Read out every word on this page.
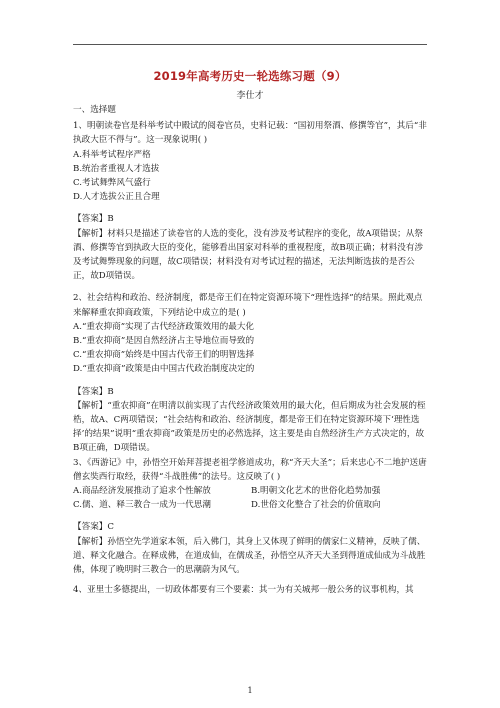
2019年高考历史一轮选练习题（9）
李仕才

一、选择题

1、明朝读卷官是科举考试中殿试的阅卷官员，史料记载：“国初用祭酒、修撰等官”，其后“非执政大臣不得与”。这一现象说明( )

A.科举考试程序严格

B.统治者重视人才选拔

C.考试舞弊风气盛行

D.人才选拔公正且合理

【答案】B

【解析】材料只是描述了读卷官的人选的变化，没有涉及考试程序的变化，故A项错误；从祭酒、修撰等官到执政大臣的变化，能够看出国家对科举的重视程度，故B项正确；材料没有涉及考试舞弊现象的问题，故C项错误；材料没有对考试过程的描述，无法判断选拔的是否公正，故D项错误。

2、社会结构和政治、经济制度，都是帝王们在特定资源环境下“理性选择”的结果。照此观点来解释重农抑商政策，下列结论中成立的是( )

A.“重农抑商”实现了古代经济政策效用的最大化

B.“重农抑商”是因自然经济占主导地位而导致的

C.“重农抑商”始终是中国古代帝王们的明智选择

D.“重农抑商”政策是由中国古代政治制度决定的

【答案】B

【解析】“重农抑商”在明清以前实现了古代经济政策效用的最大化，但后期成为社会发展的桎梏，故A、C两项错误；“社会结构和政治、经济制度，都是帝王们在特定资源环境下‘理性选择’的结果”说明“重农抑商”政策是历史的必然选择，这主要是由自然经济生产方式决定的，故B项正确，D项错误。

3、《西游记》中，孙悟空开始拜菩提老祖学修道成功，称“齐天大圣”；后来忠心不二地护送唐僧玄奘西行取经，获得“斗战胜佛”的法号。这反映了( )

A.商品经济发展推动了追求个性解放	B.明朝文化艺术的世俗化趋势加强
C.儒、道、释三教合一成为一代思潮	D.世俗文化整合了社会的价值取向

【答案】C

【解析】孙悟空先学道家本领，后入佛门，其身上又体现了鲜明的儒家仁义精神，反映了儒、道、释文化融合。在释成佛，在道成仙，在儒成圣，孙悟空从齐天大圣到得道成仙成为斗战胜佛，体现了晚明时三教合一的思潮蔚为风气。

4、亚里士多德提出，一切政体都要有三个要素：其一为有关城邦一般公务的议事机构，其

1
